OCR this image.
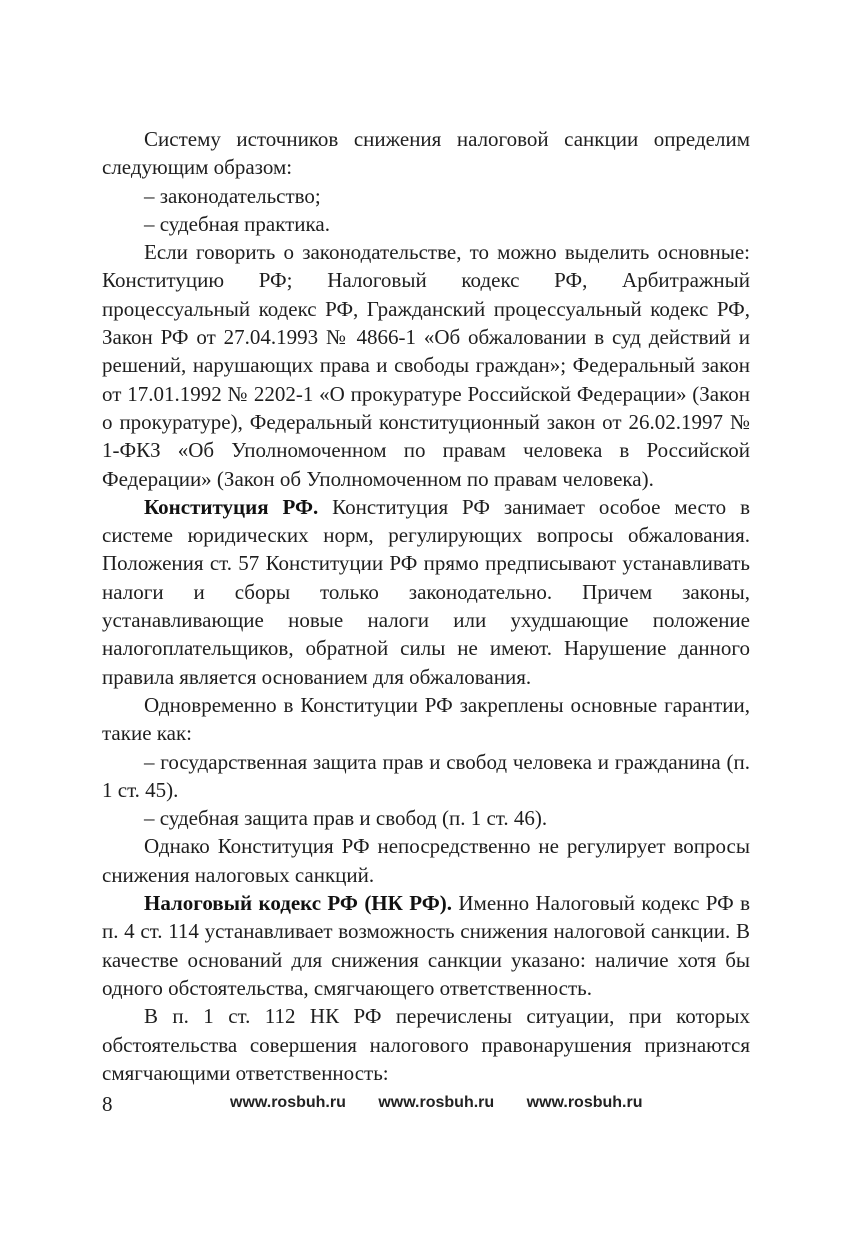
Систему источников снижения налоговой санкции определим следующим образом:

– законодательство;

– судебная практика.

Если говорить о законодательстве, то можно выделить основные: Конституцию РФ; Налоговый кодекс РФ, Арбитражный процессуальный кодекс РФ, Гражданский процессуальный кодекс РФ, Закон РФ от 27.04.1993 № 4866-1 «Об обжаловании в суд действий и решений, нарушающих права и свободы граждан»; Федеральный закон от 17.01.1992 № 2202-1 «О прокуратуре Российской Федерации» (Закон о прокуратуре), Федеральный конституционный закон от 26.02.1997 № 1-ФКЗ «Об Уполномоченном по правам человека в Российской Федерации» (Закон об Уполномоченном по правам человека).

Конституция РФ. Конституция РФ занимает особое место в системе юридических норм, регулирующих вопросы обжалования. Положения ст. 57 Конституции РФ прямо предписывают устанавливать налоги и сборы только законодательно. Причем законы, устанавливающие новые налоги или ухудшающие положение налогоплательщиков, обратной силы не имеют. Нарушение данного правила является основанием для обжалования.

Одновременно в Конституции РФ закреплены основные гарантии, такие как:

– государственная защита прав и свобод человека и гражданина (п. 1 ст. 45).

– судебная защита прав и свобод (п. 1 ст. 46).

Однако Конституция РФ непосредственно не регулирует вопросы снижения налоговых санкций.

Налоговый кодекс РФ (НК РФ). Именно Налоговый кодекс РФ в п. 4 ст. 114 устанавливает возможность снижения налоговой санкции. В качестве оснований для снижения санкции указано: наличие хотя бы одного обстоятельства, смягчающего ответственность.

В п. 1 ст. 112 НК РФ перечислены ситуации, при которых обстоятельства совершения налогового правонарушения признаются смягчающими ответственность:

8	www.rosbuh.ru www.rosbuh.ru www.rosbuh.ru
